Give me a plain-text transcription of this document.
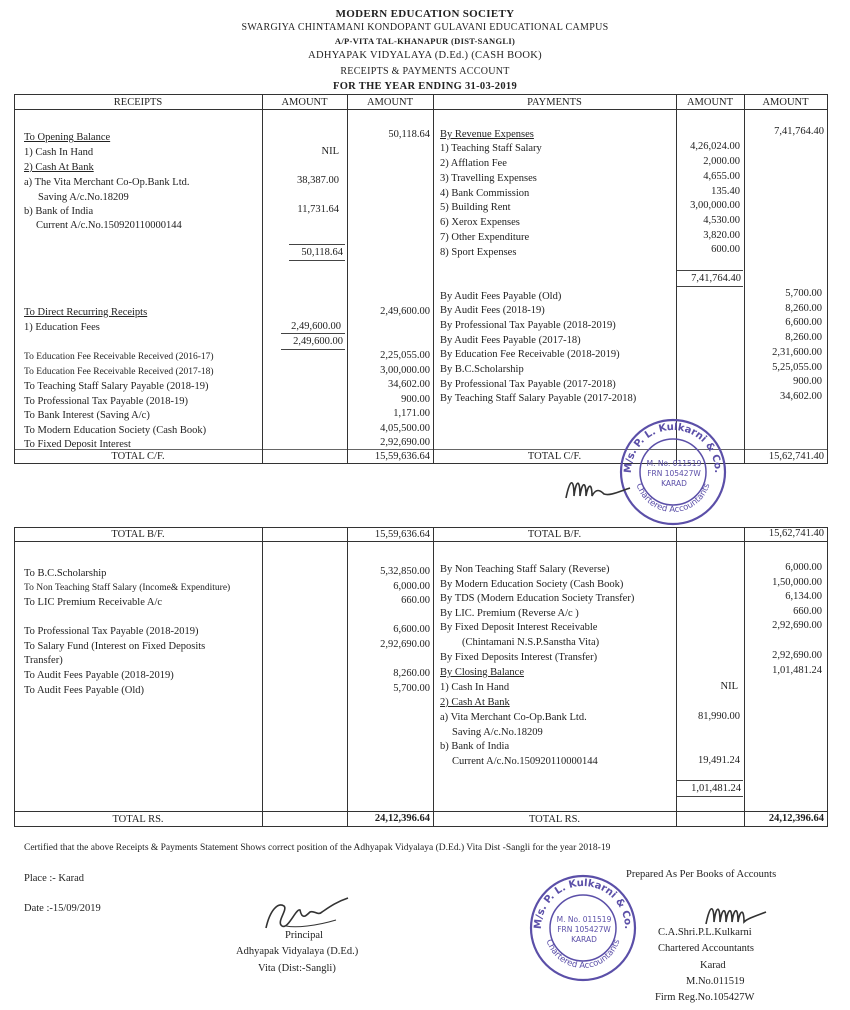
MODERN EDUCATION SOCIETY
SWARGIYA CHINTAMANI KONDOPANT GULAVANI EDUCATIONAL CAMPUS
A/P-VITA TAL-KHANAPUR (DIST-SANGLI)
ADHYAPAK VIDYALAYA (D.Ed.) (CASH BOOK)
RECEIPTS & PAYMENTS ACCOUNT
FOR THE YEAR ENDING 31-03-2019
RECEIPTS	AMOUNT	AMOUNT	PAYMENTS	AMOUNT	AMOUNT
To Opening Balance	50,118.64
1) Cash In Hand	NIL
2) Cash At Bank
a) The Vita Merchant Co-Op.Bank Ltd.	38,387.00
Saving A/c.No.18209
b) Bank of India	11,731.64
Current A/c.No.150920110000144
50,118.64
To Direct Recurring Receipts	2,49,600.00
1) Education Fees	2,49,600.00
2,49,600.00
To Education Fee Receivable Received (2016-17)	2,25,055.00
To Education Fee Receivable Received (2017-18)	3,00,000.00
To Teaching Staff Salary Payable (2018-19)	34,602.00
To Professional Tax Payable (2018-19)	900.00
To Bank Interest (Saving A/c)	1,171.00
To Modern Education Society (Cash Book)	4,05,500.00
To Fixed Deposit Interest	2,92,690.00
By Revenue Expenses	7,41,764.40
1) Teaching Staff Salary	4,26,024.00
2) Afflation Fee	2,000.00
3) Travelling Expenses	4,655.00
4) Bank Commission	135.40
5) Building Rent	3,00,000.00
6) Xerox Expenses	4,530.00
7) Other Expenditure	3,820.00
8) Sport Expenses	600.00
7,41,764.40
By Audit Fees Payable (Old)	5,700.00
By Audit Fees (2018-19)	8,260.00
By Professional Tax Payable (2018-2019)	6,600.00
By Audit Fees Payable (2017-18)	8,260.00
By Education Fee Receivable (2018-2019)	2,31,600.00
By B.C.Scholarship	5,25,055.00
By Professional Tax Payable (2017-2018)	900.00
By Teaching Staff Salary Payable (2017-2018)	34,602.00
TOTAL C/F.	15,59,636.64	TOTAL C/F.	15,62,741.40
TOTAL B/F.	15,59,636.64	TOTAL B/F.	15,62,741.40
To B.C.Scholarship	5,32,850.00
To Non Teaching Staff Salary (Income& Expenditure)	6,000.00
To LIC Premium Receivable A/c	660.00
To Professional Tax Payable (2018-2019)	6,600.00
To Salary Fund (Interest on Fixed Deposits	2,92,690.00
Transfer)
To Audit Fees Payable (2018-2019)	8,260.00
To Audit Fees Payable (Old)	5,700.00
By Non Teaching Staff Salary (Reverse)	6,000.00
By Modern Education Society (Cash Book)	1,50,000.00
By TDS (Modern Education Society Transfer)	6,134.00
By LIC. Premium (Reverse A/c )	660.00
By Fixed Deposit Interest Receivable	2,92,690.00
(Chintamani N.S.P.Sanstha Vita)
By Fixed Deposits Interest (Transfer)	2,92,690.00
By Closing Balance	1,01,481.24
1) Cash In Hand	NIL
2) Cash At Bank
a) Vita Merchant Co-Op.Bank Ltd.	81,990.00
Saving A/c.No.18209
b) Bank of India
Current A/c.No.150920110000144	19,491.24
1,01,481.24
TOTAL RS.	24,12,396.64	TOTAL RS.	24,12,396.64
M/s. P. L. Kulkarni & Co.
Chartered Accountants
M. No. 011519
FRN 105427W
KARAD
Certified that the above Receipts & Payments Statement Shows correct position of the Adhyapak Vidyalaya (D.Ed.) Vita Dist -Sangli for the year 2018-19
Place :- Karad
Date :-15/09/2019
Prepared As Per Books of Accounts
Principal
Adhyapak Vidyalaya (D.Ed.)
Vita (Dist:-Sangli)
M/s. P. L. Kulkarni & Co.
Chartered Accountants
M. No. 011519
FRN 105427W
KARAD
C.A.Shri.P.L.Kulkarni
Chartered Accountants
Karad
M.No.011519
Firm Reg.No.105427W
